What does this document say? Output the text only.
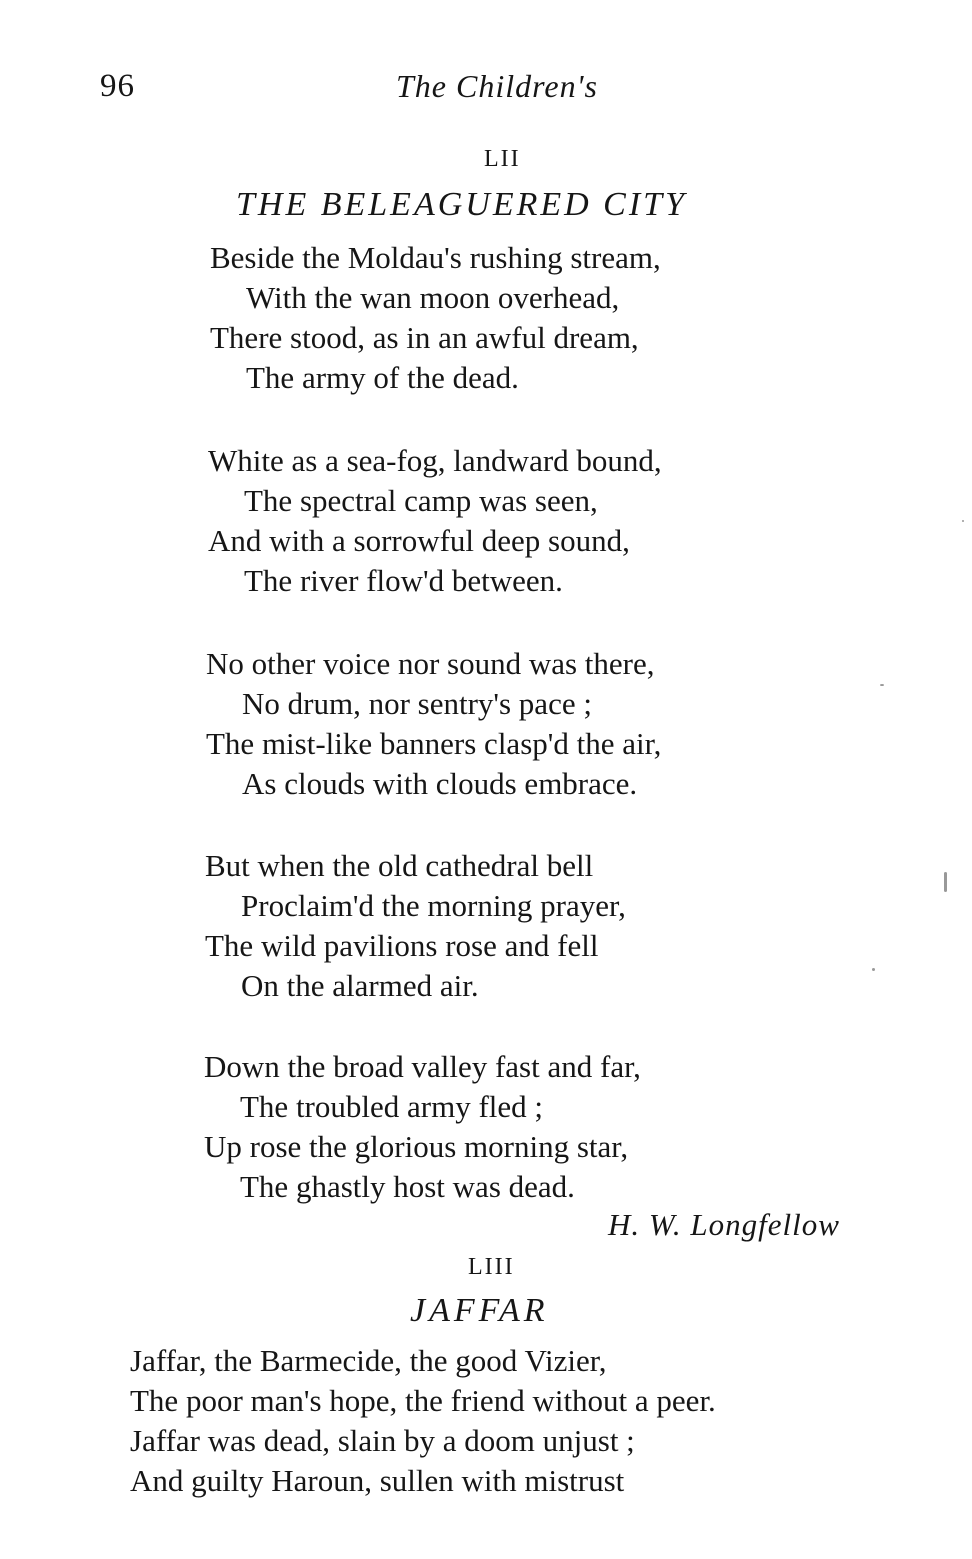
96	The Children's
LII
THE BELEAGUERED CITY
Beside the Moldau's rushing stream,
With the wan moon overhead,
There stood, as in an awful dream,
The army of the dead.
White as a sea-fog, landward bound,
The spectral camp was seen,
And with a sorrowful deep sound,
The river flow'd between.
No other voice nor sound was there,
No drum, nor sentry's pace ;
The mist-like banners clasp'd the air,
As clouds with clouds embrace.
But when the old cathedral bell
Proclaim'd the morning prayer,
The wild pavilions rose and fell
On the alarmed air.
Down the broad valley fast and far,
The troubled army fled ;
Up rose the glorious morning star,
The ghastly host was dead.
H. W. Longfellow
LIII
JAFFAR
Jaffar, the Barmecide, the good Vizier,
The poor man's hope, the friend without a peer.
Jaffar was dead, slain by a doom unjust ;
And guilty Haroun, sullen with mistrust
